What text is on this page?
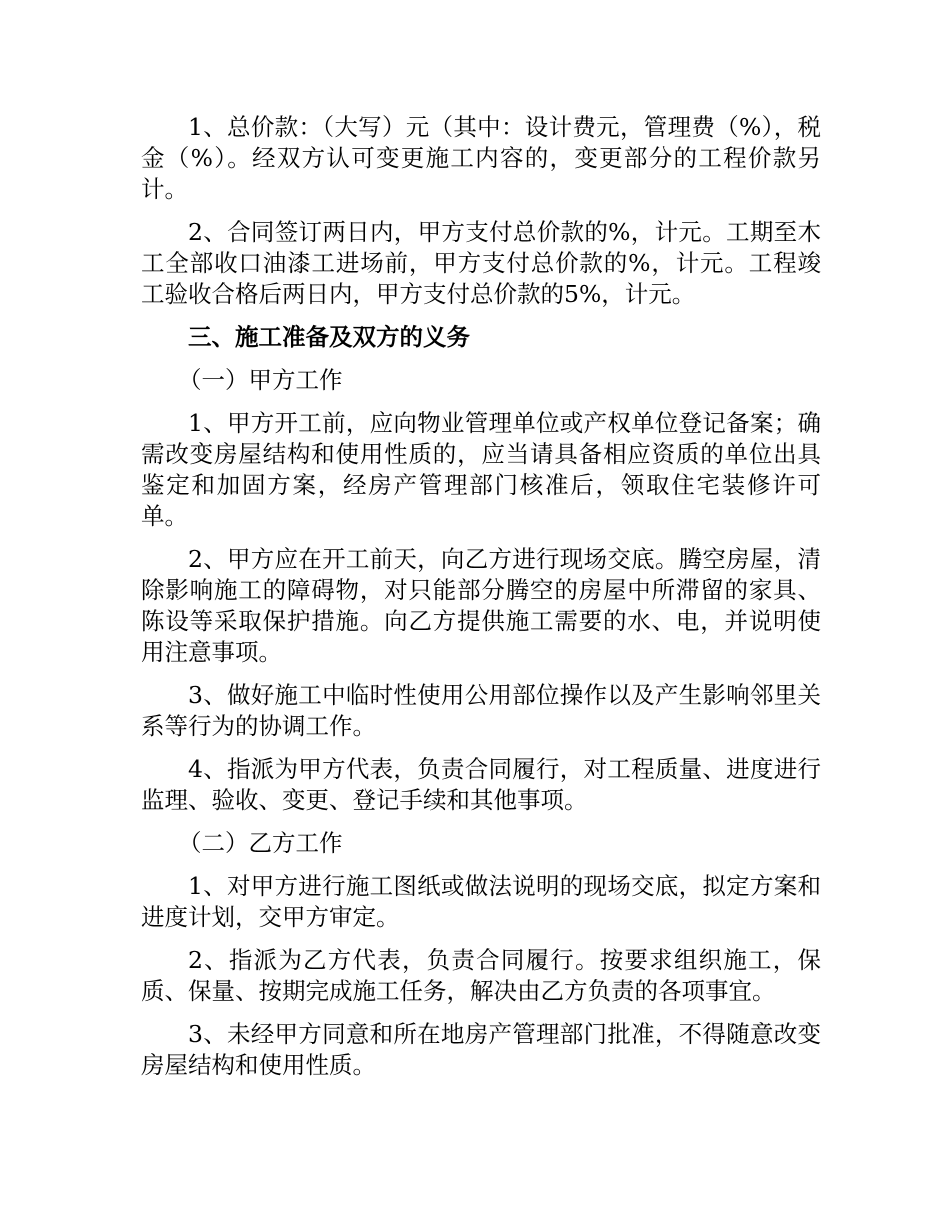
1、总价款：（大写）元（其中：设计费元，管理费（%），税金（%）。经双方认可变更施工内容的，变更部分的工程价款另计。

2、合同签订两日内，甲方支付总价款的%，计元。工期至木工全部收口油漆工进场前，甲方支付总价款的%，计元。工程竣工验收合格后两日内，甲方支付总价款的5%，计元。

三、施工准备及双方的义务

（一）甲方工作

1、甲方开工前，应向物业管理单位或产权单位登记备案；确需改变房屋结构和使用性质的，应当请具备相应资质的单位出具鉴定和加固方案，经房产管理部门核准后，领取住宅装修许可单。

2、甲方应在开工前天，向乙方进行现场交底。腾空房屋，清除影响施工的障碍物，对只能部分腾空的房屋中所滞留的家具、陈设等采取保护措施。向乙方提供施工需要的水、电，并说明使用注意事项。

3、做好施工中临时性使用公用部位操作以及产生影响邻里关系等行为的协调工作。

4、指派为甲方代表，负责合同履行，对工程质量、进度进行监理、验收、变更、登记手续和其他事项。

（二）乙方工作

1、对甲方进行施工图纸或做法说明的现场交底，拟定方案和进度计划，交甲方审定。

2、指派为乙方代表，负责合同履行。按要求组织施工，保质、保量、按期完成施工任务，解决由乙方负责的各项事宜。

3、未经甲方同意和所在地房产管理部门批准，不得随意改变房屋结构和使用性质。
